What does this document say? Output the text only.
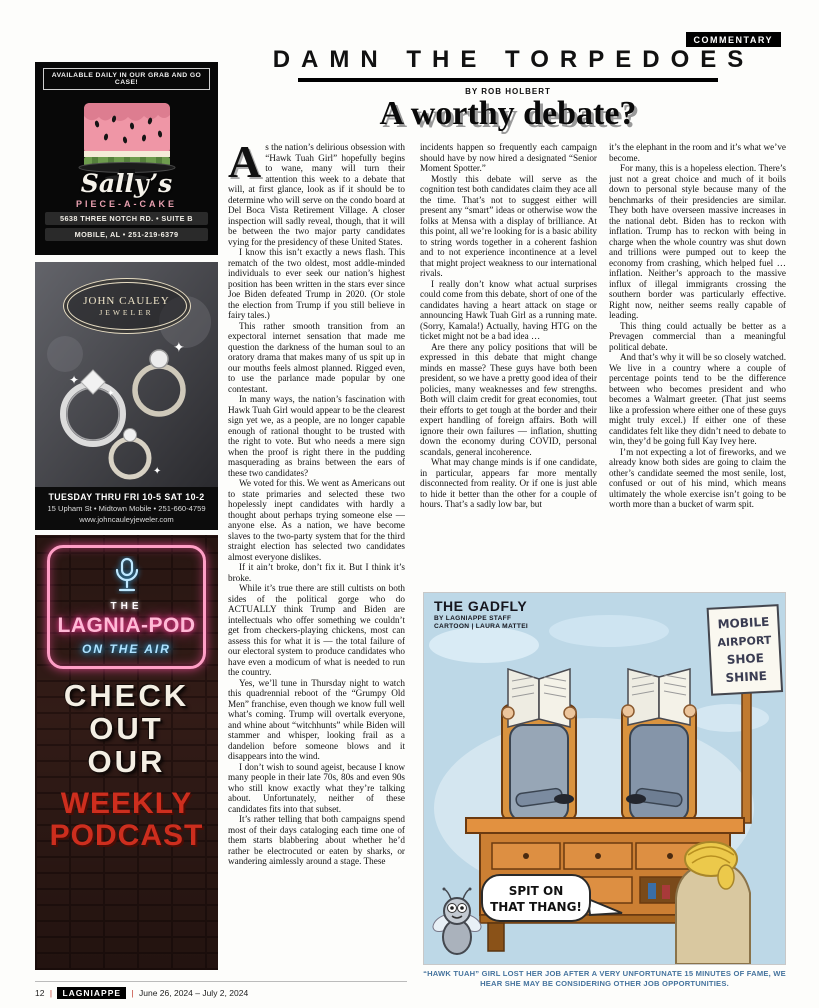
COMMENTARY
DAMN THE TORPEDOES
BY ROB HOLBERT
A worthy debate?
AVAILABLE DAILY IN OUR GRAB AND GO CASE!
Sally’s
PIECE-A-CAKE
5638 THREE NOTCH RD. • SUITE B
MOBILE, AL • 251-219-6379
✦
✦
✦
✦
JOHN CAULEY
JEWELER
TUESDAY THRU FRI 10-5 SAT 10-2
15 Upham St • Midtown Mobile • 251-660-4759
www.johncauleyjeweler.com
THE
LAGNIA-POD
ON THE AIR

CHECK

OUT

OUR

WEEKLY
PODCAST

As the nation’s delirious obsession with “Hawk Tuah Girl” hopefully begins to wane, many will turn their attention this week to a debate that will, at first glance, look as if it should be to determine who will serve on the condo board at Del Boca Vista Retirement Village. A closer inspection will sadly reveal, though, that it will be between the two major party candidates vying for the presidency of these United States.

I know this isn’t exactly a news flash. This rematch of the two oldest, most addle-minded individuals to ever seek our nation’s highest position has been written in the stars ever since Joe Biden defeated Trump in 2020. (Or stole the election from Trump if you still believe in fairy tales.)

This rather smooth transition from an expectoral internet sensation that made me question the darkness of the human soul to an oratory drama that makes many of us spit up in our mouths feels almost planned. Rigged even, to use the parlance made popular by one contestant.

In many ways, the nation’s fascination with Hawk Tuah Girl would appear to be the clearest sign yet we, as a people, are no longer capable enough of rational thought to be trusted with the right to vote. But who needs a mere sign when the proof is right there in the pudding masquerading as brains between the ears of these two candidates?

We voted for this. We went as Americans out to state primaries and selected these two hopelessly inept candidates with hardly a thought about perhaps trying someone else — anyone else. As a nation, we have become slaves to the two-party system that for the third straight election has selected two candidates almost everyone dislikes.

If it ain’t broke, don’t fix it. But I think it’s broke.

While it’s true there are still cultists on both sides of the political gorge who do ACTUALLY think Trump and Biden are intellectuals who offer something we couldn’t get from checkers-playing chickens, most can assess this for what it is — the total failure of our electoral system to produce candidates who have even a modicum of what is needed to run the country.

Yes, we’ll tune in Thursday night to watch this quadrennial reboot of the “Grumpy Old Men” franchise, even though we know full well what’s coming. Trump will overtalk everyone, and whine about “witchhunts” while Biden will stammer and whisper, looking frail as a dandelion before someone blows and it disappears into the wind.

I don’t wish to sound ageist, because I know many people in their late 70s, 80s and even 90s who still know exactly what they’re talking about. Unfortunately, neither of these candidates fits into that subset.

It’s rather telling that both campaigns spend most of their days cataloging each time one of them starts blabbering about whether he’d rather be electrocuted or eaten by sharks, or wandering aimlessly around a stage. These

incidents happen so frequently each campaign should have by now hired a designated “Senior Moment Spotter.”

Mostly this debate will serve as the cognition test both candidates claim they ace all the time. That’s not to suggest either will present any “smart” ideas or otherwise wow the folks at Mensa with a display of brilliance. At this point, all we’re looking for is a basic ability to string words together in a coherent fashion and to not experience incontinence at a level that might project weakness to our international rivals.

I really don’t know what actual surprises could come from this debate, short of one of the candidates having a heart attack on stage or announcing Hawk Tuah Girl as a running mate. (Sorry, Kamala!) Actually, having HTG on the ticket might not be a bad idea …

Are there any policy positions that will be expressed in this debate that might change minds en masse? These guys have both been president, so we have a pretty good idea of their policies, many weaknesses and few strengths. Both will claim credit for great economies, tout their efforts to get tough at the border and their expert handling of foreign affairs. Both will ignore their own failures — inflation, shutting down the economy during COVID, personal scandals, general incoherence.

What may change minds is if one candidate, in particular, appears far more mentally disconnected from reality. Or if one is just able to hide it better than the other for a couple of hours. That’s a sadly low bar, but

it’s the elephant in the room and it’s what we’ve become.

For many, this is a hopeless election. There’s just not a great choice and much of it boils down to personal style because many of the benchmarks of their presidencies are similar. They both have overseen massive increases in the national debt. Biden has to reckon with inflation. Trump has to reckon with being in charge when the whole country was shut down and trillions were pumped out to keep the economy from crashing, which helped fuel … inflation. Neither’s approach to the massive influx of illegal immigrants crossing the southern border was particularly effective. Right now, neither seems really capable of leading.

This thing could actually be better as a Prevagen commercial than a meaningful political debate.

And that’s why it will be so closely watched. We live in a country where a couple of percentage points tend to be the difference between who becomes president and who becomes a Walmart greeter. (That just seems like a profession where either one of these guys might truly excel.) If either one of these candidates felt like they didn’t need to debate to win, they’d be going full Kay Ivey here.

I’m not expecting a lot of fireworks, and we already know both sides are going to claim the other’s candidate seemed the most senile, lost, confused or out of his mind, which means ultimately the whole exercise isn’t going to be worth more than a bucket of warm spit.

MOBILE
AIRPORT
SHOE
SHINE
SPIT ON
THAT THANG!
THE GADFLY
BY LAGNIAPPE STAFF
CARTOON | LAURA MATTEI
“HAWK TUAH” GIRL LOST HER JOB AFTER A VERY UNFORTUNATE 15 MINUTES OF FAME, WE HEAR SHE MAY BE CONSIDERING OTHER JOB OPPORTUNITIES.
12 | LAGNIAPPE | June 26, 2024 – July 2, 2024
